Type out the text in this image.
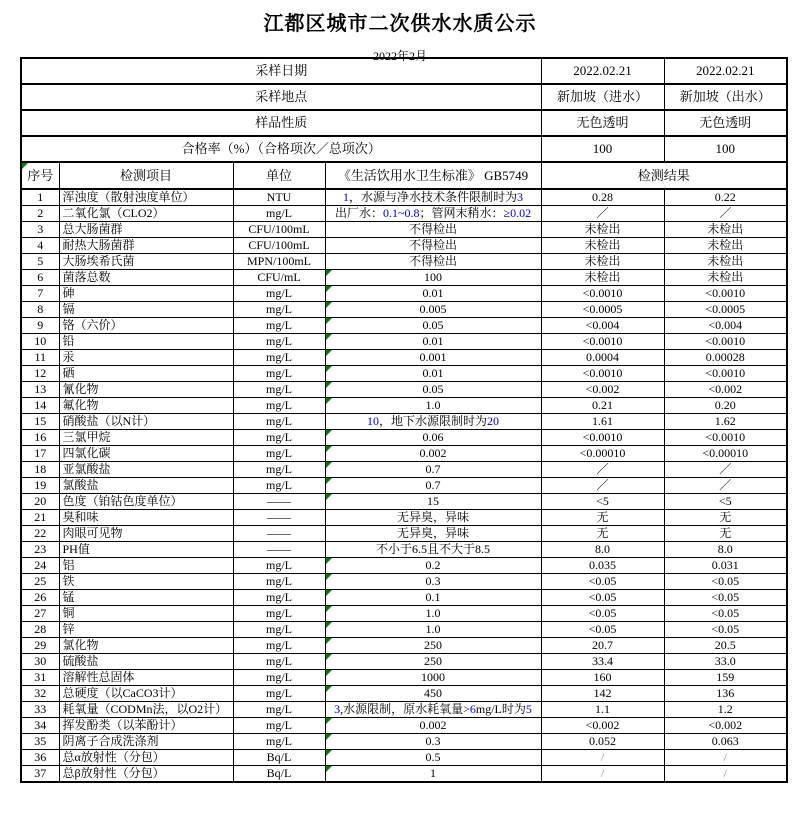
江都区城市二次供水水质公示
2022年2月
采样日期				2022.02.21	2022.02.21
采样地点				新加坡（进水）	新加坡（出水）
样品性质				无色透明	无色透明
合格率（%）（合格项次／总项次）				100	100

序号	检测项目	单位	《生活饮用水卫生标准》 GB5749	检测结果	
1	浑浊度（散射浊度单位）	NTU	1，水源与净水技术条件限制时为3	0.28	0.22
2	二氧化氯（CLO2）	mg/L	出厂水：0.1~0.8；管网末稍水：≥0.02	／	／
3	总大肠菌群	CFU/100mL	不得检出	未检出	未检出
4	耐热大肠菌群	CFU/100mL	不得检出	未检出	未检出
5	大肠埃希氏菌	MPN/100mL	不得检出	未检出	未检出
6	菌落总数	CFU/mL	100	未检出	未检出
7	砷	mg/L	0.01	<0.0010	<0.0010
8	镉	mg/L	0.005	<0.0005	<0.0005
9	铬（六价）	mg/L	0.05	<0.004	<0.004
10	铅	mg/L	0.01	<0.0010	<0.0010
11	汞	mg/L	0.001	0.0004	0.00028
12	硒	mg/L	0.01	<0.0010	<0.0010
13	氰化物	mg/L	0.05	<0.002	<0.002
14	氟化物	mg/L	1.0	0.21	0.20
15	硝酸盐（以N计）	mg/L	10，地下水源限制时为20	1.61	1.62
16	三氯甲烷	mg/L	0.06	<0.0010	<0.0010
17	四氯化碳	mg/L	0.002	<0.00010	<0.00010
18	亚氯酸盐	mg/L	0.7	／	／
19	氯酸盐	mg/L	0.7	／	／
20	色度（铂钴色度单位）	——	15	<5	<5
21	臭和味	——	无异臭，异味	无	无
22	肉眼可见物	——	无异臭，异味	无	无
23	PH值	——	不小于6.5且不大于8.5	8.0	8.0
24	铝	mg/L	0.2	0.035	0.031
25	铁	mg/L	0.3	<0.05	<0.05
26	锰	mg/L	0.1	<0.05	<0.05
27	铜	mg/L	1.0	<0.05	<0.05
28	锌	mg/L	1.0	<0.05	<0.05
29	氯化物	mg/L	250	20.7	20.5
30	硫酸盐	mg/L	250	33.4	33.0
31	溶解性总固体	mg/L	1000	160	159
32	总硬度（以CaCO3计）	mg/L	450	142	136
33	耗氧量（CODMn法，以O2计）	mg/L	3,水源限制，原水耗氧量>6mg/L时为5	1.1	1.2
34	挥发酚类（以苯酚计）	mg/L	0.002	<0.002	<0.002
35	阴离子合成洗涤剂	mg/L	0.3	0.052	0.063
36	总α放射性（分包）	Bq/L	0.5	/	/
37	总β放射性（分包）	Bq/L	1	/	/
